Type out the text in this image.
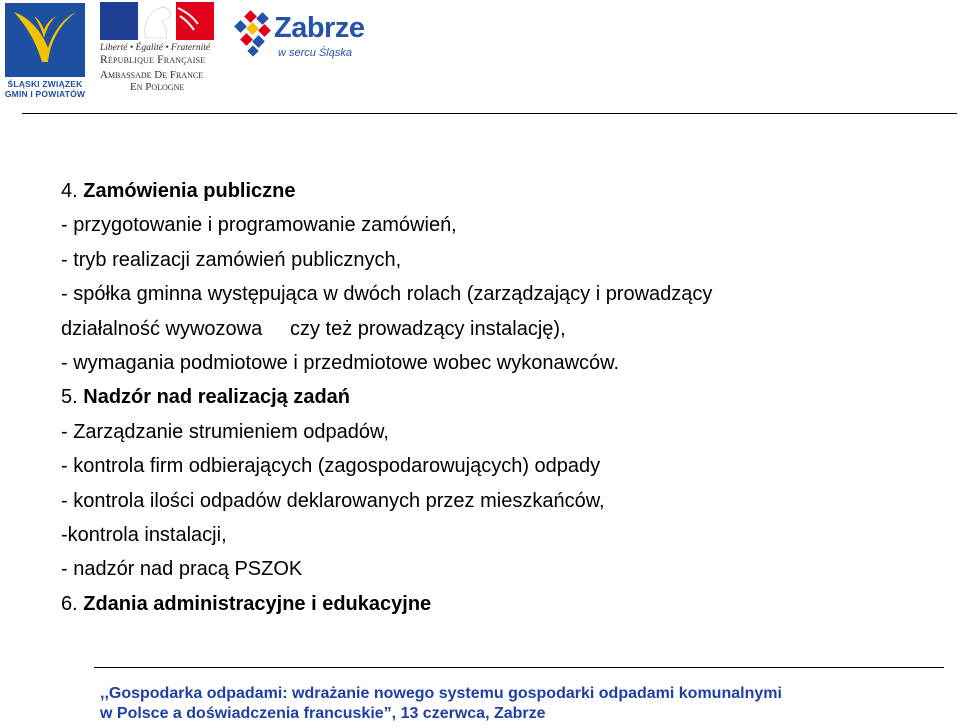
ŚLĄSKI ZWIĄZEK
GMIN I POWIATÓW
Liberté • Égalité • Fraternité
République Française
Ambassade De France
En Pologne
Zabrze
w sercu Śląska
4. Zamówienia publiczne
- przygotowanie i programowanie zamówień,
- tryb realizacji zamówień publicznych,
- spółka gminna występująca w dwóch rolach (zarządzający i prowadzący
działalność wywozowa     czy też prowadzący instalację),
- wymagania podmiotowe i przedmiotowe wobec wykonawców.
5. Nadzór nad realizacją zadań
- Zarządzanie strumieniem odpadów,
- kontrola firm odbierających (zagospodarowujących) odpady
- kontrola ilości odpadów deklarowanych przez mieszkańców,
-kontrola instalacji,
- nadzór nad pracą PSZOK
6. Zdania administracyjne i edukacyjne
,,Gospodarka odpadami: wdrażanie nowego systemu gospodarki odpadami komunalnymi
w Polsce a doświadczenia francuskie”, 13 czerwca, Zabrze
